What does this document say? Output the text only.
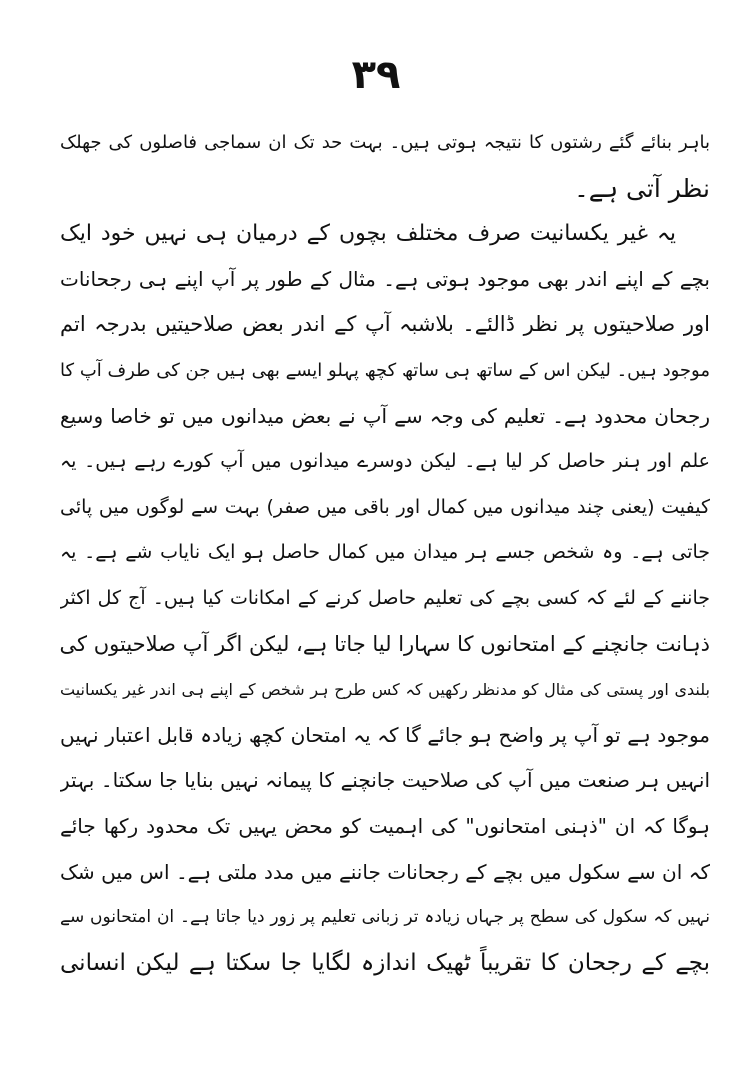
۳۹
باہر بنائے گئے رشتوں کا نتیجہ ہوتی ہیں۔ بہت حد تک ان سماجی فاصلوں کی جھلک
نظر آتی ہے۔
یہ غیر یکسانیت صرف مختلف بچوں کے درمیان ہی نہیں خود ایک
بچے کے اپنے اندر بھی موجود ہوتی ہے۔ مثال کے طور پر آپ اپنے ہی رجحانات
اور صلاحیتوں پر نظر ڈالئے۔ بلاشبہ آپ کے اندر بعض صلاحیتیں بدرجہ اتم
موجود ہیں۔ لیکن اس کے ساتھ ہی ساتھ کچھ پہلو ایسے بھی ہیں جن کی طرف آپ کا
رجحان محدود ہے۔ تعلیم کی وجہ سے آپ نے بعض میدانوں میں تو خاصا وسیع
علم اور ہنر حاصل کر لیا ہے۔ لیکن دوسرے میدانوں میں آپ کورے رہے ہیں۔ یہ
کیفیت (یعنی چند میدانوں میں کمال اور باقی میں صفر) بہت سے لوگوں میں پائی
جاتی ہے۔ وہ شخص جسے ہر میدان میں کمال حاصل ہو ایک نایاب شے ہے۔ یہ
جاننے کے لئے کہ کسی بچے کی تعلیم حاصل کرنے کے امکانات کیا ہیں۔ آج کل اکثر
ذہانت جانچنے کے امتحانوں کا سہارا لیا جاتا ہے، لیکن اگر آپ صلاحیتوں کی
بلندی اور پستی کی مثال کو مدنظر رکھیں کہ کس طرح ہر شخص کے اپنے ہی اندر غیر یکسانیت
موجود ہے تو آپ پر واضح ہو جائے گا کہ یہ امتحان کچھ زیادہ قابل اعتبار نہیں
انہیں ہر صنعت میں آپ کی صلاحیت جانچنے کا پیمانہ نہیں بنایا جا سکتا۔ بہتر
ہوگا کہ ان "ذہنی امتحانوں" کی اہمیت کو محض یہیں تک محدود رکھا جائے
کہ ان سے سکول میں بچے کے رجحانات جاننے میں مدد ملتی ہے۔ اس میں شک
نہیں کہ سکول کی سطح پر جہاں زیادہ تر زبانی تعلیم پر زور دیا جاتا ہے۔ ان امتحانوں سے
بچے کے رجحان کا تقریباً ٹھیک اندازہ لگایا جا سکتا ہے لیکن انسانی
